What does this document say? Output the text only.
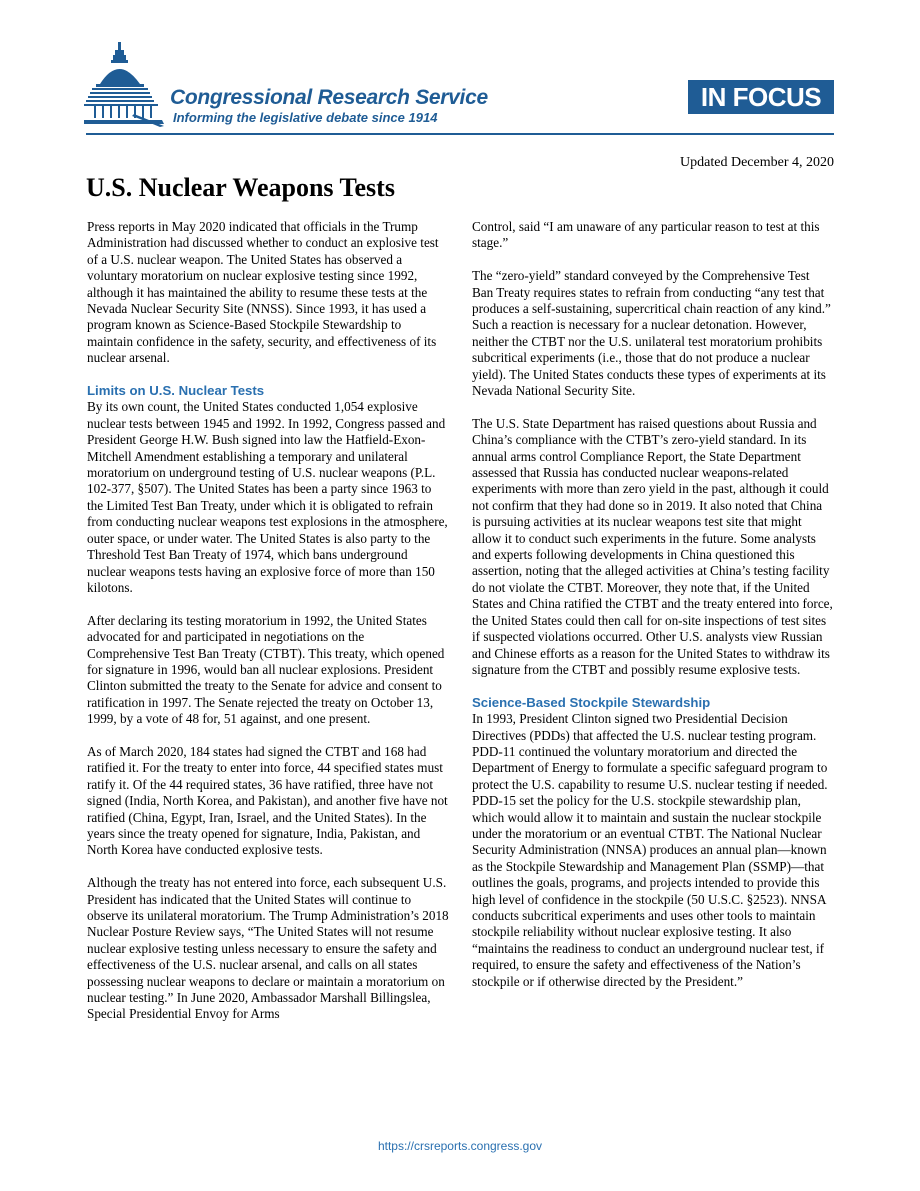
Congressional Research Service
Informing the legislative debate since 1914
IN FOCUS
Updated December 4, 2020
U.S. Nuclear Weapons Tests

Press reports in May 2020 indicated that officials in the Trump Administration had discussed whether to conduct an explosive test of a U.S. nuclear weapon. The United States has observed a voluntary moratorium on nuclear explosive testing since 1992, although it has maintained the ability to resume these tests at the Nevada Nuclear Security Site (NNSS). Since 1993, it has used a program known as Science-Based Stockpile Stewardship to maintain confidence in the safety, security, and effectiveness of its nuclear arsenal.

Limits on U.S. Nuclear Tests

By its own count, the United States conducted 1,054 explosive nuclear tests between 1945 and 1992. In 1992, Congress passed and President George H.W. Bush signed into law the Hatfield-Exon-Mitchell Amendment establishing a temporary and unilateral moratorium on underground testing of U.S. nuclear weapons (P.L. 102-377, §507). The United States has been a party since 1963 to the Limited Test Ban Treaty, under which it is obligated to refrain from conducting nuclear weapons test explosions in the atmosphere, outer space, or under water. The United States is also party to the Threshold Test Ban Treaty of 1974, which bans underground nuclear weapons tests having an explosive force of more than 150 kilotons.

After declaring its testing moratorium in 1992, the United States advocated for and participated in negotiations on the Comprehensive Test Ban Treaty (CTBT). This treaty, which opened for signature in 1996, would ban all nuclear explosions. President Clinton submitted the treaty to the Senate for advice and consent to ratification in 1997. The Senate rejected the treaty on October 13, 1999, by a vote of 48 for, 51 against, and one present.

As of March 2020, 184 states had signed the CTBT and 168 had ratified it. For the treaty to enter into force, 44 specified states must ratify it. Of the 44 required states, 36 have ratified, three have not signed (India, North Korea, and Pakistan), and another five have not ratified (China, Egypt, Iran, Israel, and the United States). In the years since the treaty opened for signature, India, Pakistan, and North Korea have conducted explosive tests.

Although the treaty has not entered into force, each subsequent U.S. President has indicated that the United States will continue to observe its unilateral moratorium. The Trump Administration’s 2018 Nuclear Posture Review says, “The United States will not resume nuclear explosive testing unless necessary to ensure the safety and effectiveness of the U.S. nuclear arsenal, and calls on all states possessing nuclear weapons to declare or maintain a moratorium on nuclear testing.” In June 2020, Ambassador Marshall Billingslea, Special Presidential Envoy for Arms

Control, said “I am unaware of any particular reason to test at this stage.”

The “zero-yield” standard conveyed by the Comprehensive Test Ban Treaty requires states to refrain from conducting “any test that produces a self-sustaining, supercritical chain reaction of any kind.” Such a reaction is necessary for a nuclear detonation. However, neither the CTBT nor the U.S. unilateral test moratorium prohibits subcritical experiments (i.e., those that do not produce a nuclear yield). The United States conducts these types of experiments at its Nevada National Security Site.

The U.S. State Department has raised questions about Russia and China’s compliance with the CTBT’s zero-yield standard. In its annual arms control Compliance Report, the State Department assessed that Russia has conducted nuclear weapons-related experiments with more than zero yield in the past, although it could not confirm that they had done so in 2019. It also noted that China is pursuing activities at its nuclear weapons test site that might allow it to conduct such experiments in the future. Some analysts and experts following developments in China questioned this assertion, noting that the alleged activities at China’s testing facility do not violate the CTBT. Moreover, they note that, if the United States and China ratified the CTBT and the treaty entered into force, the United States could then call for on-site inspections of test sites if suspected violations occurred. Other U.S. analysts view Russian and Chinese efforts as a reason for the United States to withdraw its signature from the CTBT and possibly resume explosive tests.

Science-Based Stockpile Stewardship

In 1993, President Clinton signed two Presidential Decision Directives (PDDs) that affected the U.S. nuclear testing program. PDD-11 continued the voluntary moratorium and directed the Department of Energy to formulate a specific safeguard program to protect the U.S. capability to resume U.S. nuclear testing if needed. PDD-15 set the policy for the U.S. stockpile stewardship plan, which would allow it to maintain and sustain the nuclear stockpile under the moratorium or an eventual CTBT. The National Nuclear Security Administration (NNSA) produces an annual plan—known as the Stockpile Stewardship and Management Plan (SSMP)—that outlines the goals, programs, and projects intended to provide this high level of confidence in the stockpile (50 U.S.C. §2523). NNSA conducts subcritical experiments and uses other tools to maintain stockpile reliability without nuclear explosive testing. It also “maintains the readiness to conduct an underground nuclear test, if required, to ensure the safety and effectiveness of the Nation’s stockpile or if otherwise directed by the President.”

https://crsreports.congress.gov
